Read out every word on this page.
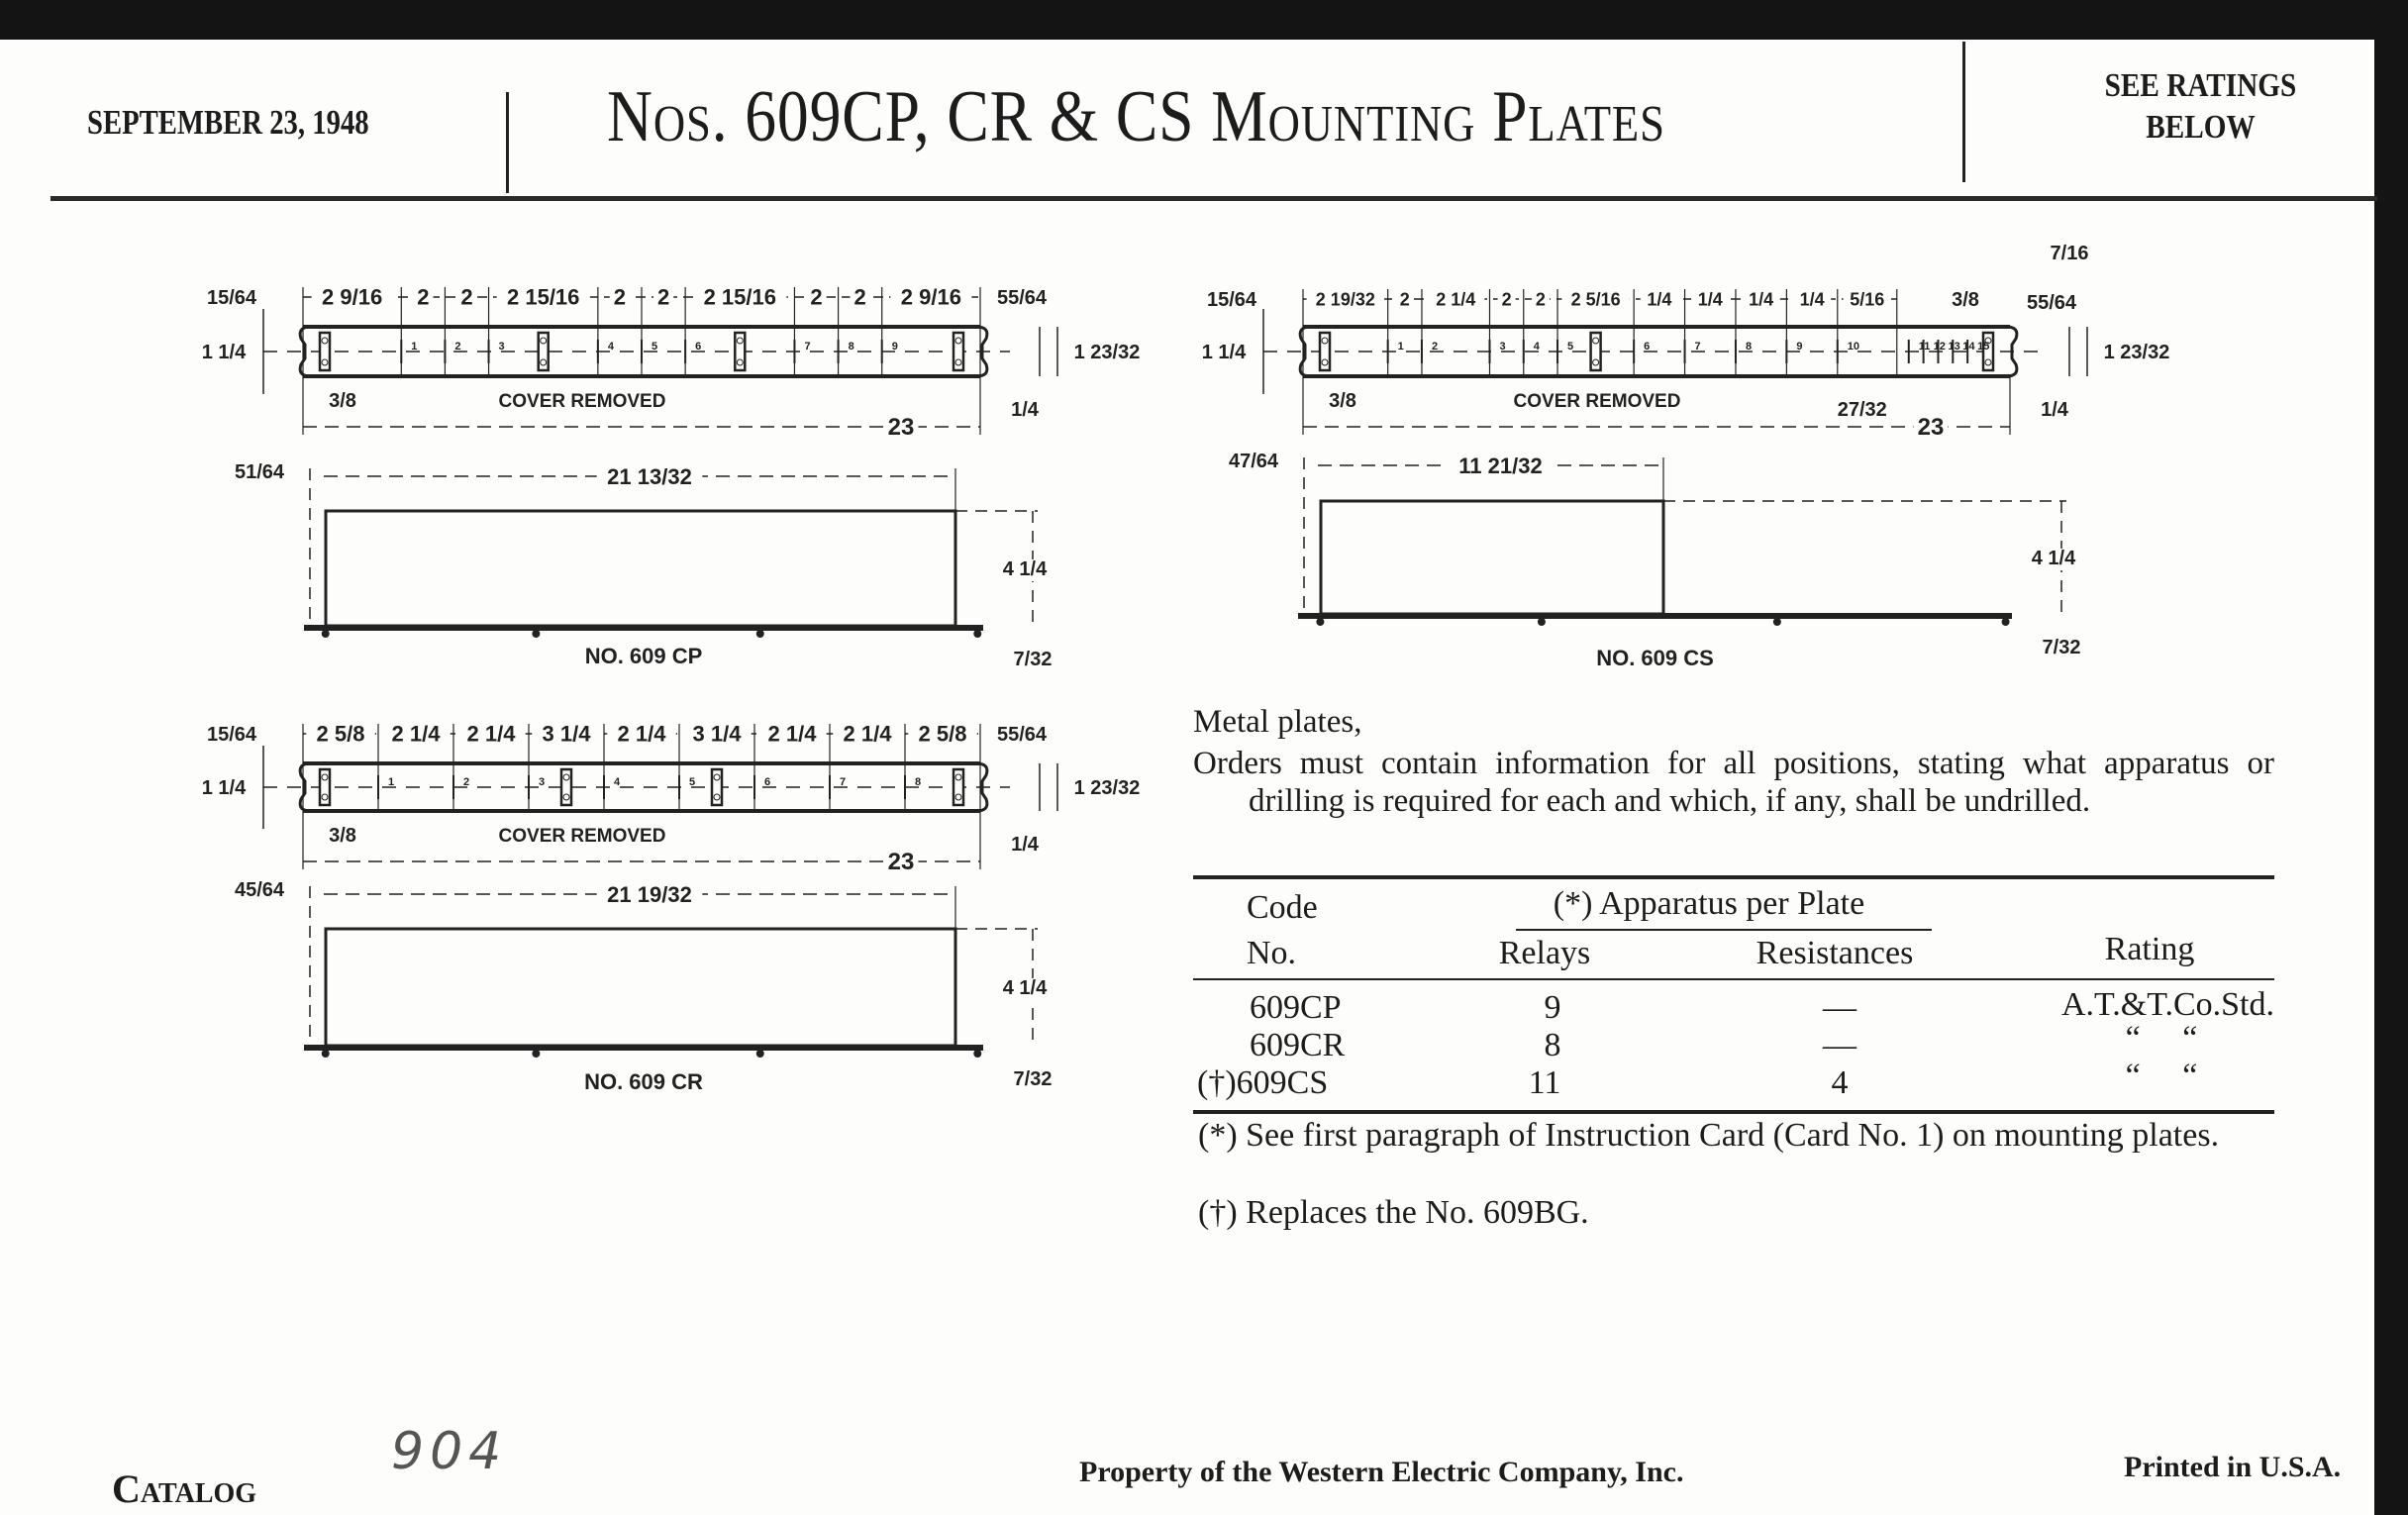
SEPTEMBER 23, 1948	Nos. 609CP, CR & CS Mounting Plates	SEE RATINGS
BELOW
2 9/16 2 2 2 15/16 2 2 2 15/16 2 2 2 9/16
1	2	3	4	5	6	7	8	9
COVER REMOVED
23
15/64
1 1/4
3/8
55/64
1 23/32
1/4
21 13/32
51/64
4 1/4
7/32
NO. 609 CP
2 5/8 2 1/4 2 1/4 3 1/4 2 1/4 3 1/4 2 1/4 2 1/4 2 5/8
1	2	3	4	5	6	7	8
COVER REMOVED
23
15/64
1 1/4
3/8
55/64
1 23/32
1/4
21 19/32
45/64
4 1/4
7/32
NO. 609 CR
2 19/32 2 2 1/4 2 2 2 5/16 1/4 1/4 1/4 1/4 5/16	3/8
7/16
27/32
1	2	3	4	5	6	7	8	9	10	11 12 13 14 15
COVER REMOVED
23
15/64
1 1/4
3/8
55/64
1 23/32
1/4
11 21/32
47/64
4 1/4
7/32
NO. 609 CS
Metal plates,
Orders must contain information for all positions, stating what apparatus or drilling is required for each and which, if any, shall be undrilled.
Code
No.
(*) Apparatus per Plate
Relays	Resistances	Rating
609CP	9	—	A.T.&T.Co.Std.
609CR	8	—	“     “
(†)609CS	11	4	“     “
(*) See first paragraph of Instruction Card (Card No. 1) on mounting plates.
(†) Replaces the No. 609BG.
Catalog
904	Property of the Western Electric Company, Inc.	Printed in U.S.A.
